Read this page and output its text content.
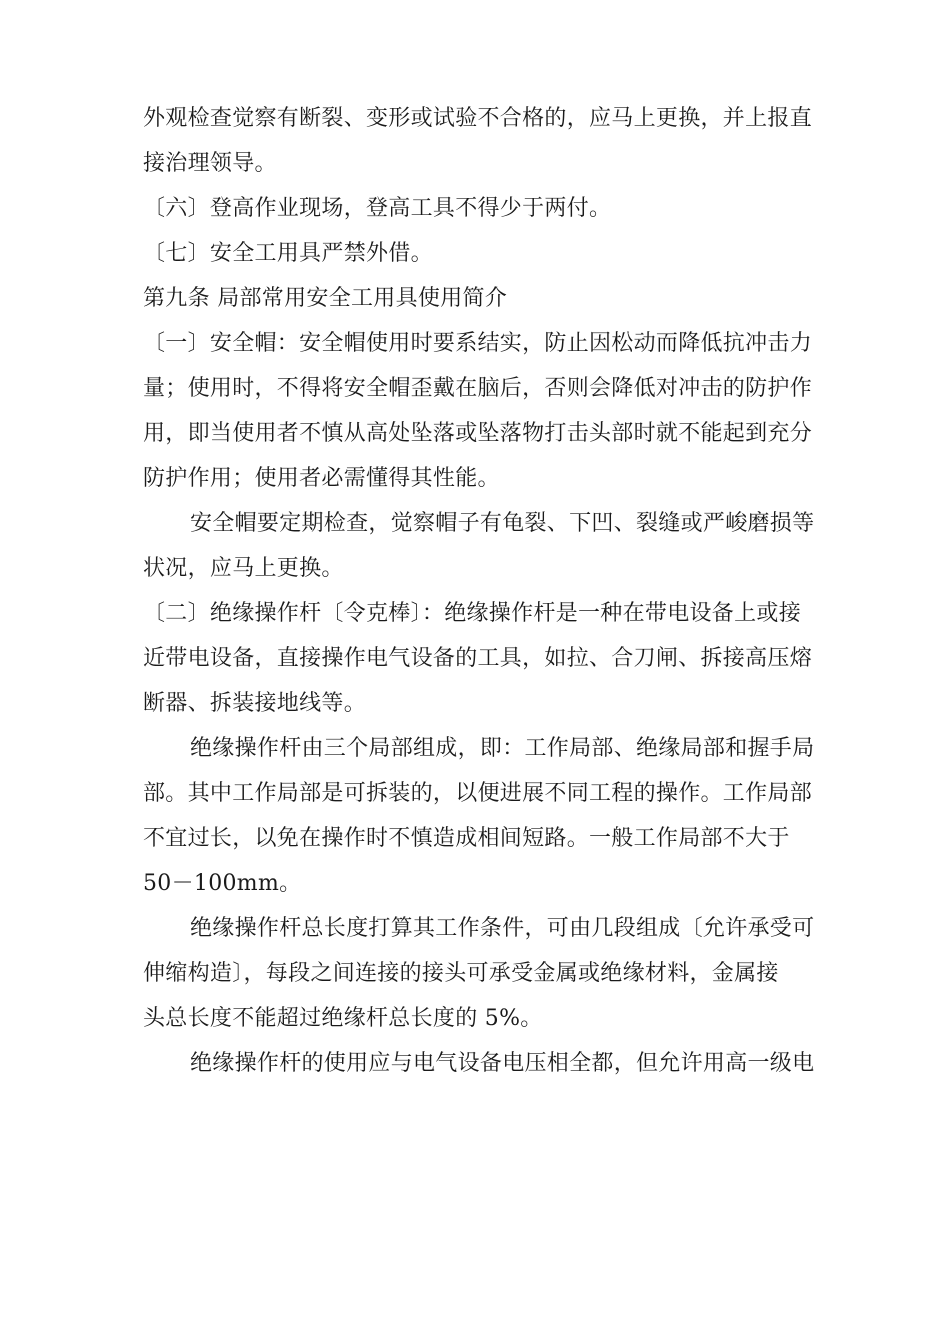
外观检查觉察有断裂、变形或试验不合格的，应马上更换，并上报直
接治理领导。
〔六〕登高作业现场，登高工具不得少于两付。
〔七〕安全工用具严禁外借。
第九条 局部常用安全工用具使用简介
〔一〕安全帽：安全帽使用时要系结实，防止因松动而降低抗冲击力
量；使用时，不得将安全帽歪戴在脑后，否则会降低对冲击的防护作
用，即当使用者不慎从高处坠落或坠落物打击头部时就不能起到充分
防护作用；使用者必需懂得其性能。
安全帽要定期检查，觉察帽子有龟裂、下凹、裂缝或严峻磨损等
状况，应马上更换。
〔二〕绝缘操作杆〔令克棒〕：绝缘操作杆是一种在带电设备上或接
近带电设备，直接操作电气设备的工具，如拉、合刀闸、拆接高压熔
断器、拆装接地线等。
绝缘操作杆由三个局部组成，即：工作局部、绝缘局部和握手局
部。其中工作局部是可拆装的，以便进展不同工程的操作。工作局部
不宜过长，以免在操作时不慎造成相间短路。一般工作局部不大于
50－100mm。
绝缘操作杆总长度打算其工作条件，可由几段组成〔允许承受可
伸缩构造〕，每段之间连接的接头可承受金属或绝缘材料，金属接
头总长度不能超过绝缘杆总长度的 5%。
绝缘操作杆的使用应与电气设备电压相全都，但允许用高一级电
